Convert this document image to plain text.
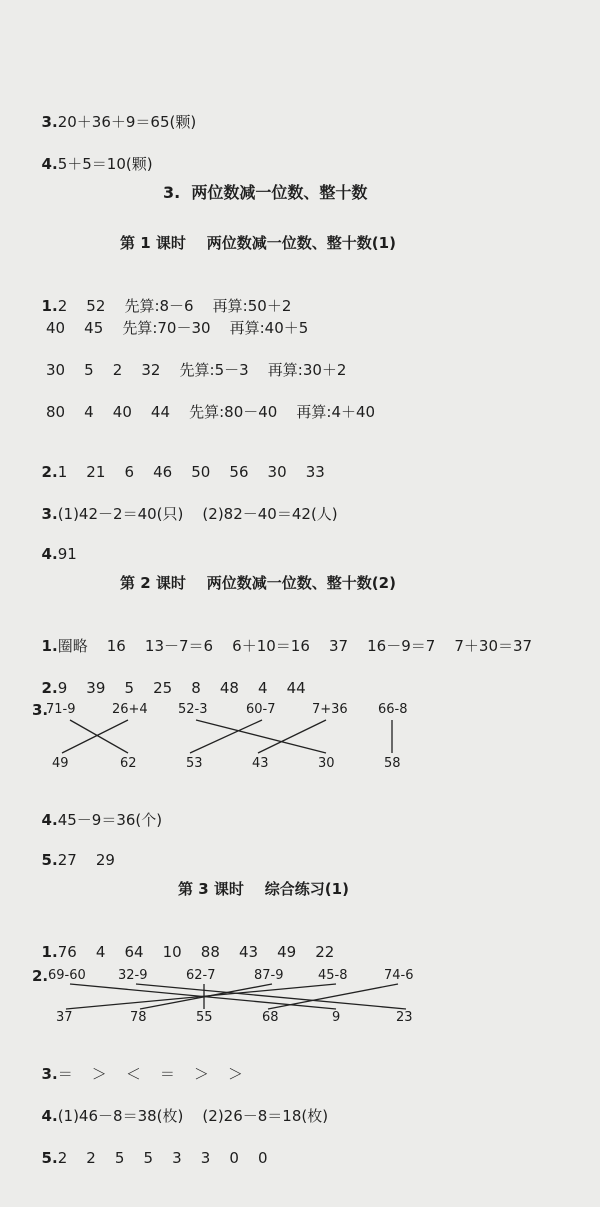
3.20＋36＋9＝65(颗)

4.5＋5＝10(颗)

3.  两位数减一位数、整十数
第 1 课时    两位数减一位数、整十数(1)

1.2    52    先算:8－6    再算:50＋2

40    45    先算:70－30    再算:40＋5
30    5    2    32    先算:5－3    再算:30＋2
80    4    40    44    先算:80－40    再算:4＋40

2.1    21    6    46    50    56    30    33

3.(1)42－2＝40(只)    (2)82－40＝42(人)

4.91

第 2 课时    两位数减一位数、整十数(2)

1.圈略    16    13－7＝6    6＋10＝16    37    16－9＝7    7＋30＝37

2.9    39    5    25    8    48    4    44

3.
71-9	26+4 52-3	60-7	7+36 66-8
49	62	53	43	30	58

4.45－9＝36(个)

5.27    29

第 3 课时    综合练习(1)

1.76    4    64    10    88    43    49    22

2. 69-60 32-9	62-7	87-9	45-8	74-6
37	78	55	68	9	23

3.＝    ＞    ＜    ＝    ＞    ＞

4.(1)46－8＝38(枚)    (2)26－8＝18(枚)

5.2    2    5    5    3    3    0    0
